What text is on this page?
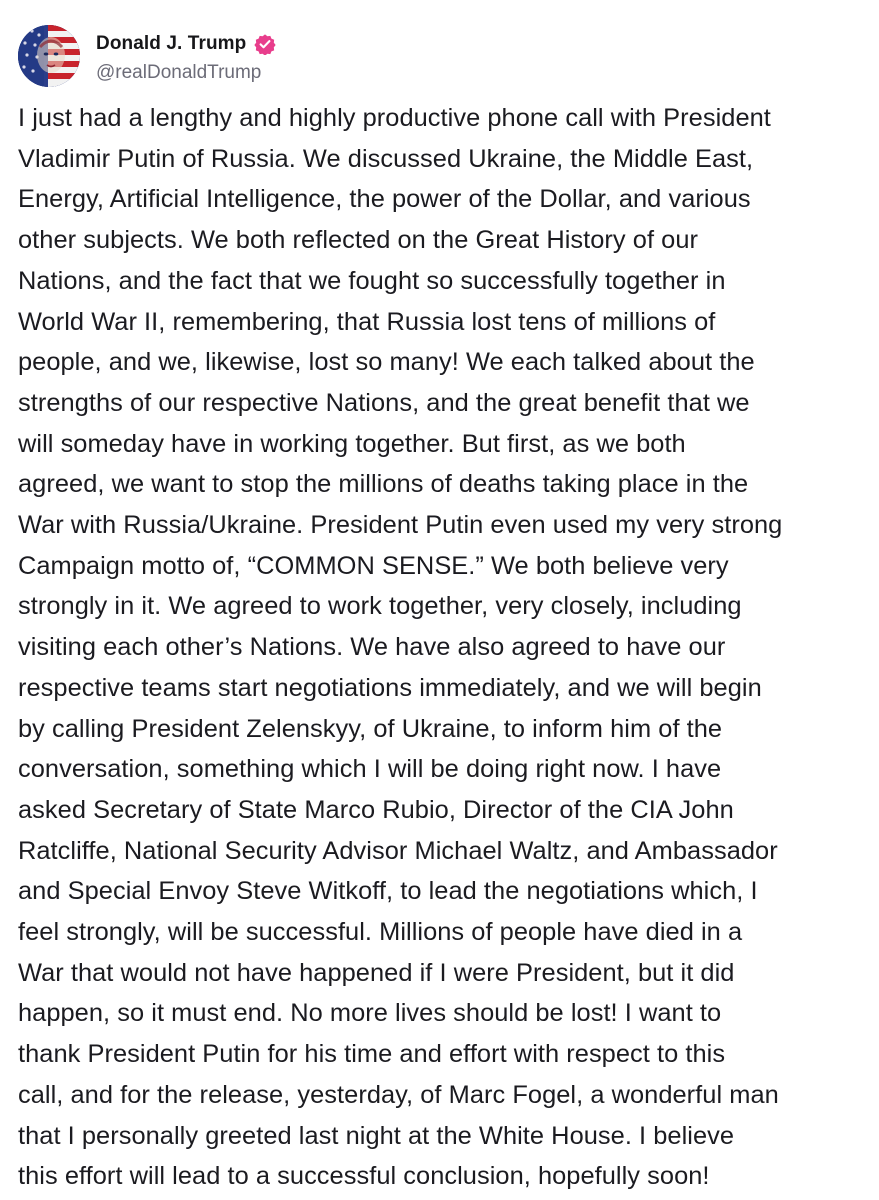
Donald J. Trump
@realDonaldTrump
I just had a lengthy and highly productive phone call with President
Vladimir Putin of Russia. We discussed Ukraine, the Middle East,
Energy, Artificial Intelligence, the power of the Dollar, and various
other subjects. We both reflected on the Great History of our
Nations, and the fact that we fought so successfully together in
World War II, remembering, that Russia lost tens of millions of
people, and we, likewise, lost so many! We each talked about the
strengths of our respective Nations, and the great benefit that we
will someday have in working together. But first, as we both
agreed, we want to stop the millions of deaths taking place in the
War with Russia/Ukraine. President Putin even used my very strong
Campaign motto of, “COMMON SENSE.” We both believe very
strongly in it. We agreed to work together, very closely, including
visiting each other’s Nations. We have also agreed to have our
respective teams start negotiations immediately, and we will begin
by calling President Zelenskyy, of Ukraine, to inform him of the
conversation, something which I will be doing right now. I have
asked Secretary of State Marco Rubio, Director of the CIA John
Ratcliffe, National Security Advisor Michael Waltz, and Ambassador
and Special Envoy Steve Witkoff, to lead the negotiations which, I
feel strongly, will be successful. Millions of people have died in a
War that would not have happened if I were President, but it did
happen, so it must end. No more lives should be lost! I want to
thank President Putin for his time and effort with respect to this
call, and for the release, yesterday, of Marc Fogel, a wonderful man
that I personally greeted last night at the White House. I believe
this effort will lead to a successful conclusion, hopefully soon!
